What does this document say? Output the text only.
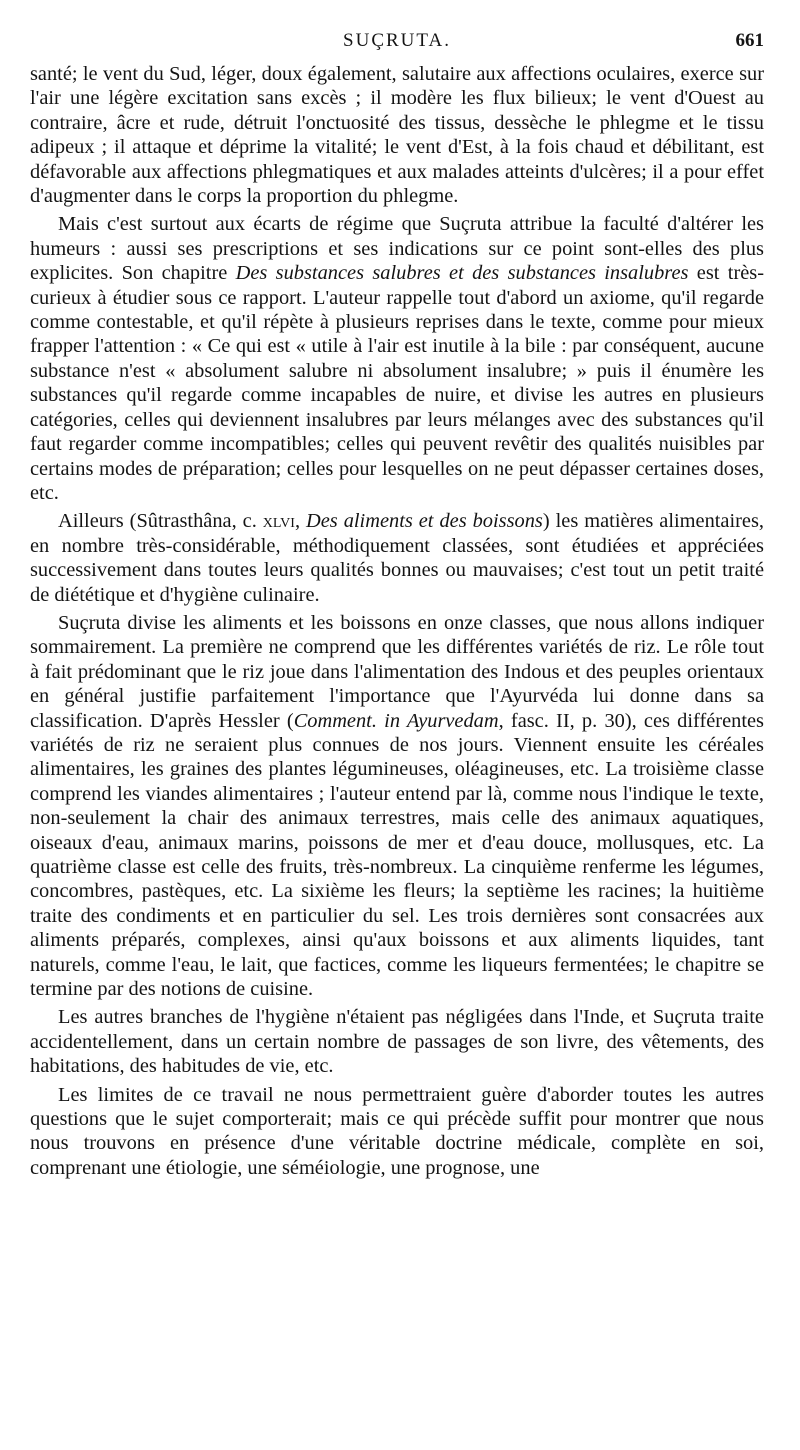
SUÇRUTA.	661

santé; le vent du Sud, léger, doux également, salutaire aux affections oculaires, exerce sur l'air une légère excitation sans excès ; il modère les flux bilieux; le vent d'Ouest au contraire, âcre et rude, détruit l'onctuosité des tissus, dessèche le phlegme et le tissu adipeux ; il attaque et déprime la vitalité; le vent d'Est, à la fois chaud et débilitant, est défavorable aux affections phlegmatiques et aux malades atteints d'ulcères; il a pour effet d'augmenter dans le corps la proportion du phlegme.

Mais c'est surtout aux écarts de régime que Suçruta attribue la faculté d'altérer les humeurs : aussi ses prescriptions et ses indications sur ce point sont-elles des plus explicites. Son chapitre Des substances salubres et des substances insalubres est très-curieux à étudier sous ce rapport. L'auteur rappelle tout d'abord un axiome, qu'il regarde comme contestable, et qu'il répète à plusieurs reprises dans le texte, comme pour mieux frapper l'attention : « Ce qui est « utile à l'air est inutile à la bile : par conséquent, aucune substance n'est « absolument salubre ni absolument insalubre; » puis il énumère les substances qu'il regarde comme incapables de nuire, et divise les autres en plusieurs catégories, celles qui deviennent insalubres par leurs mélanges avec des substances qu'il faut regarder comme incompatibles; celles qui peuvent revêtir des qualités nuisibles par certains modes de préparation; celles pour lesquelles on ne peut dépasser certaines doses, etc.

Ailleurs (Sûtrasthâna, c. xlvi, Des aliments et des boissons) les matières alimentaires, en nombre très-considérable, méthodiquement classées, sont étudiées et appréciées successivement dans toutes leurs qualités bonnes ou mauvaises; c'est tout un petit traité de diététique et d'hygiène culinaire.

Suçruta divise les aliments et les boissons en onze classes, que nous allons indiquer sommairement. La première ne comprend que les différentes variétés de riz. Le rôle tout à fait prédominant que le riz joue dans l'alimentation des Indous et des peuples orientaux en général justifie parfaitement l'importance que l'Ayurvéda lui donne dans sa classification. D'après Hessler (Comment. in Ayurvedam, fasc. II, p. 30), ces différentes variétés de riz ne seraient plus connues de nos jours. Viennent ensuite les céréales alimentaires, les graines des plantes légumineuses, oléagineuses, etc. La troisième classe comprend les viandes alimentaires ; l'auteur entend par là, comme nous l'indique le texte, non-seulement la chair des animaux terrestres, mais celle des animaux aquatiques, oiseaux d'eau, animaux marins, poissons de mer et d'eau douce, mollusques, etc. La quatrième classe est celle des fruits, très-nombreux. La cinquième renferme les légumes, concombres, pastèques, etc. La sixième les fleurs; la septième les racines; la huitième traite des condiments et en particulier du sel. Les trois dernières sont consacrées aux aliments préparés, complexes, ainsi qu'aux boissons et aux aliments liquides, tant naturels, comme l'eau, le lait, que factices, comme les liqueurs fermentées; le chapitre se termine par des notions de cuisine.

Les autres branches de l'hygiène n'étaient pas négligées dans l'Inde, et Suçruta traite accidentellement, dans un certain nombre de passages de son livre, des vêtements, des habitations, des habitudes de vie, etc.

Les limites de ce travail ne nous permettraient guère d'aborder toutes les autres questions que le sujet comporterait; mais ce qui précède suffit pour montrer que nous nous trouvons en présence d'une véritable doctrine médicale, complète en soi, comprenant une étiologie, une séméiologie, une prognose, une
